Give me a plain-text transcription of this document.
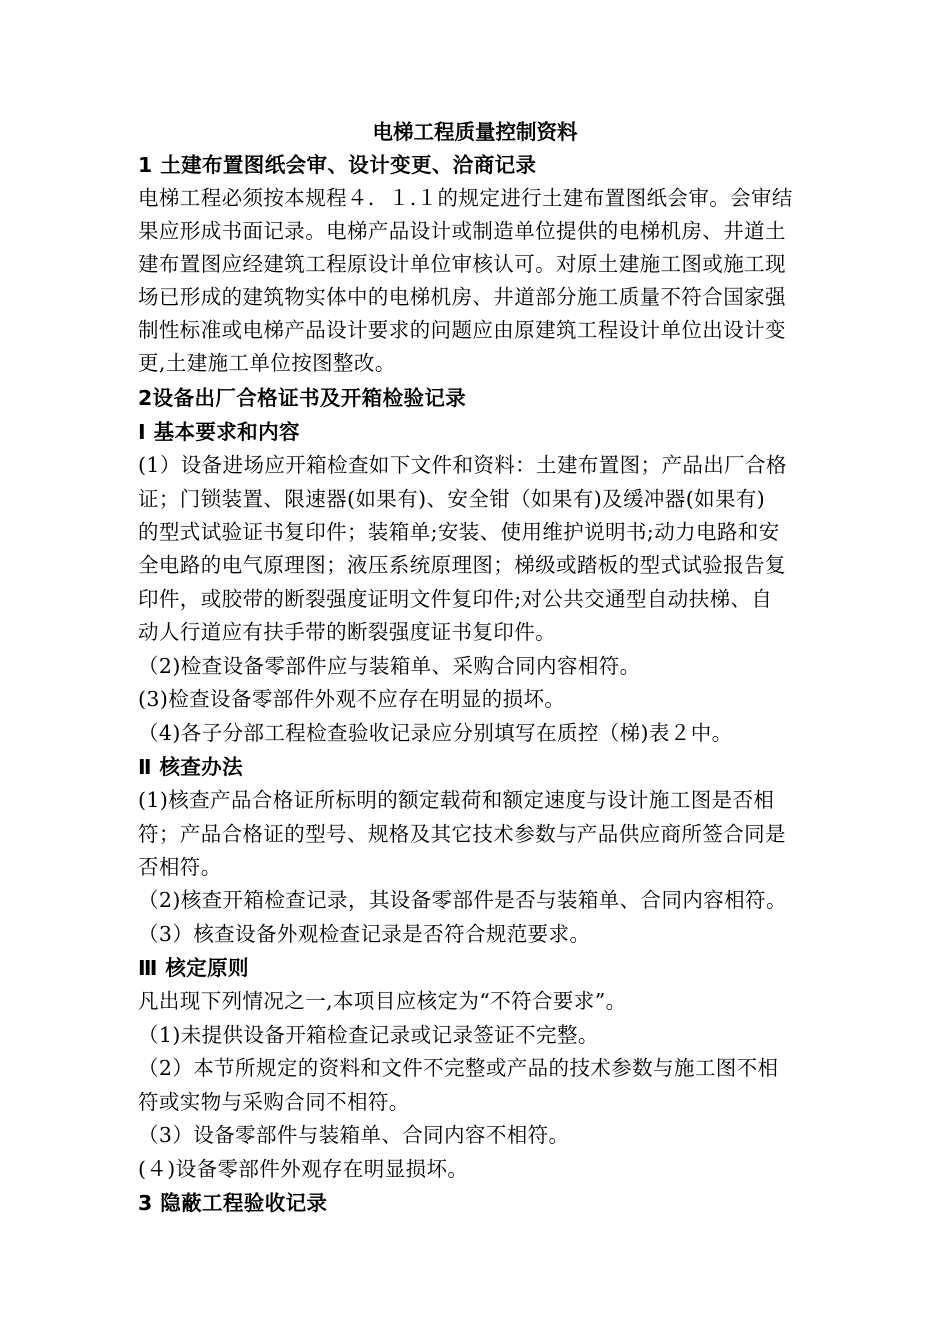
电梯工程质量控制资料
1 土建布置图纸会审、设计变更、洽商记录
电梯工程必须按本规程４．１.１的规定进行土建布置图纸会审。会审结
果应形成书面记录。电梯产品设计或制造单位提供的电梯机房、井道土
建布置图应经建筑工程原设计单位审核认可。对原土建施工图或施工现
场已形成的建筑物实体中的电梯机房、井道部分施工质量不符合国家强
制性标准或电梯产品设计要求的问题应由原建筑工程设计单位出设计变
更,土建施工单位按图整改。
2设备出厂合格证书及开箱检验记录
Ⅰ 基本要求和内容
(1）设备进场应开箱检查如下文件和资料：土建布置图；产品出厂合格
证；门锁装置、限速器(如果有)、安全钳（如果有)及缓冲器(如果有)
的型式试验证书复印件；装箱单;安装、使用维护说明书;动力电路和安
全电路的电气原理图；液压系统原理图；梯级或踏板的型式试验报告复
印件，或胶带的断裂强度证明文件复印件;对公共交通型自动扶梯、自
动人行道应有扶手带的断裂强度证书复印件。
（2)检查设备零部件应与装箱单、采购合同内容相符。
(3)检查设备零部件外观不应存在明显的损坏。
（4)各子分部工程检查验收记录应分别填写在质控（梯)表２中。
Ⅱ 核查办法
(1)核查产品合格证所标明的额定载荷和额定速度与设计施工图是否相
符；产品合格证的型号、规格及其它技术参数与产品供应商所签合同是
否相符。
（2)核查开箱检查记录，其设备零部件是否与装箱单、合同内容相符。
（3）核查设备外观检查记录是否符合规范要求。
Ⅲ 核定原则
凡出现下列情况之一,本项目应核定为“不符合要求”。
（1)未提供设备开箱检查记录或记录签证不完整。
（2）本节所规定的资料和文件不完整或产品的技术参数与施工图不相
符或实物与采购合同不相符。
（3）设备零部件与装箱单、合同内容不相符。
(４)设备零部件外观存在明显损坏。
3 隐蔽工程验收记录
